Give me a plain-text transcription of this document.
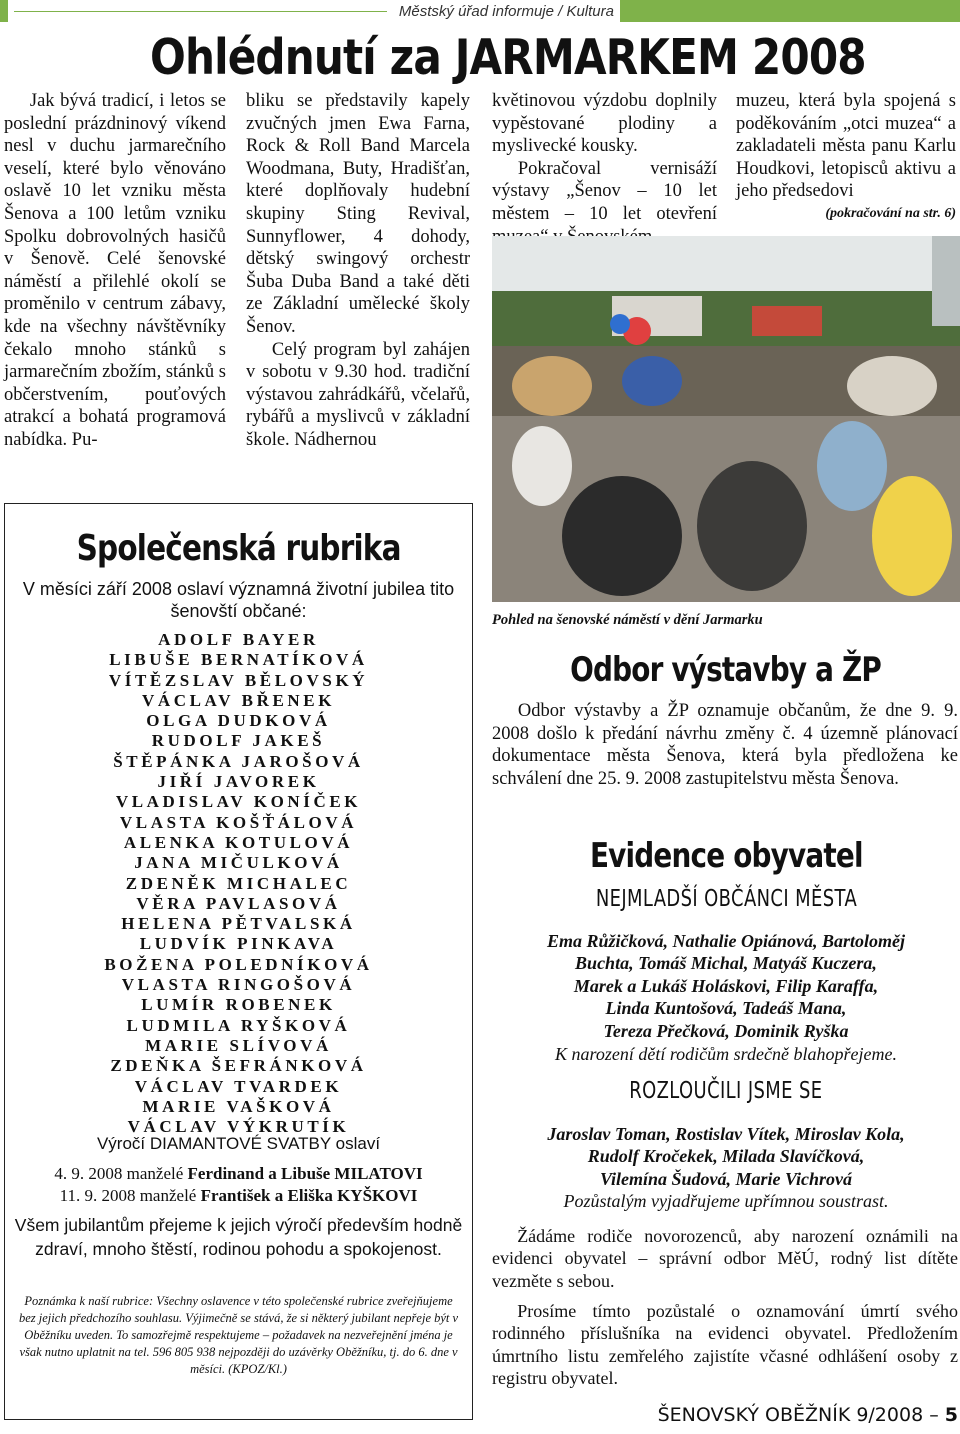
Městský úřad informuje / Kultura
Ohlédnutí za JARMARKEM 2008

Jak bývá tradicí, i letos se poslední prázdninový víkend nesl v duchu jarmarečního veselí, které bylo věnováno oslavě 10 let vzniku města Šenova a 100 letům vzniku Spolku dobrovolných hasičů v Šenově. Celé šenovské náměstí a přilehlé okolí se proměnilo v centrum zábavy, kde na všechny návštěvníky čekalo mnoho stánků s jarmarečním zbožím, stánků s občerstvením, pouťových atrakcí a bohatá programová nabídka. Pu-

bliku se představily kapely zvučných jmen Ewa Farna, Rock & Roll Band Marcela Woodmana, Buty, Hradišťan, které doplňovaly hudební skupiny Sting Revival, Sunnyflower, 4 dohody, dětský swingový orchestr Šuba Duba Band a také děti ze Základní umělecké školy Šenov.

Celý program byl zahájen v sobotu v 9.30 hod. tradiční výstavou zahrádkářů, včelařů, rybářů a myslivců v základní škole. Nádhernou

květinovou výzdobu doplnily vypěstované plodiny a myslivecké kousky.

Pokračoval vernisáží výstavy „Šenov – 10 let městem – 10 let otevření

muzeu, která byla spojená s poděkováním „otci muzea“ a zakladateli města panu Karlu Houdkovi, letopisců aktivu a jeho předsedovi

(pokračování na str. 6)

Pohled na šenovské náměstí v dění Jarmarku
Společenská rubrika
V měsíci září 2008 oslaví významná životní jubilea tito šenovští občané:
ADOLF BAYER
LIBUŠE BERNATÍKOVÁ
VÍTĚZSLAV BĚLOVSKÝ
VÁCLAV BŘENEK
OLGA DUDKOVÁ
RUDOLF JAKEŠ
ŠTĚPÁNKA JAROŠOVÁ
JIŘÍ JAVOREK
VLADISLAV KONÍČEK
VLASTA KOŠŤÁLOVÁ
ALENKA KOTULOVÁ
JANA MIČULKOVÁ
ZDENĚK MICHALEC
VĚRA PAVLASOVÁ
HELENA PĚTVALSKÁ
LUDVÍK PINKAVA
BOŽENA POLEDNÍKOVÁ
VLASTA RINGOŠOVÁ
LUMÍR ROBENEK
LUDMILA RYŠKOVÁ
MARIE SLÍVOVÁ
ZDEŇKA ŠEFRÁNKOVÁ
VÁCLAV TVARDEK
MARIE VAŠKOVÁ
VÁCLAV VÝKRUTÍK
Výročí DIAMANTOVÉ SVATBY oslaví
4. 9. 2008 manželé Ferdinand a Libuše MILATOVI
11. 9. 2008 manželé František a Eliška KYŠKOVI
Všem jubilantům přejeme k jejich výročí především hodně zdraví, mnoho štěstí, rodinou pohodu a spokojenost.
Poznámka k naší rubrice: Všechny oslavence v této společenské rubrice zveřejňujeme bez jejich předchozího souhlasu. Výjimečně se stává, že si některý jubilant nepřeje být v Oběžníku uveden. To samozřejmě respektujeme – požadavek na nezveřejnění jména je však nutno uplatnit na tel. 596 805 938 nejpozději do uzávěrky Oběžníku, tj. do 6. dne v měsíci. (KPOZ/Kl.)
Odbor výstavby a ŽP

Odbor výstavby a ŽP oznamuje občanům, že dne 9. 9. 2008 došlo k předání návrhu změny č. 4 územně plánovací dokumentace města Šenova, která byla předložena ke schválení dne 25. 9. 2008 zastupitelstvu města Šenova.

Evidence obyvatel
NEJMLADŠÍ OBČÁNCI MĚSTA
Ema Růžičková, Nathalie Opiánová, Bartoloměj
Buchta, Tomáš Michal, Matyáš Kuczera,
Marek a Lukáš Holáskovi, Filip Karaffa,
Linda Kuntošová, Tadeáš Mana,
Tereza Přečková, Dominik Ryška
K narození dětí rodičům srdečně blahopřejeme.
ROZLOUČILI JSME SE
Jaroslav Toman, Rostislav Vítek, Miroslav Kola,
Rudolf Kročekek, Milada Slavíčková,
Vilemína Šudová, Marie Vichrová
Pozůstalým vyjadřujeme upřímnou soustrast.

Žádáme rodiče novorozenců, aby narození oznámili na evidenci obyvatel – správní odbor MěÚ, rodný list dítěte vezměte s sebou.

Prosíme tímto pozůstalé o oznamování úmrtí svého rodinného příslušníka na evidenci obyvatel. Předložením úmrtního listu zemřelého zajistíte včasné odhlášení osoby z registru obyvatel.

ŠENOVSKÝ OBĚŽNÍK 9/2008 – 5
